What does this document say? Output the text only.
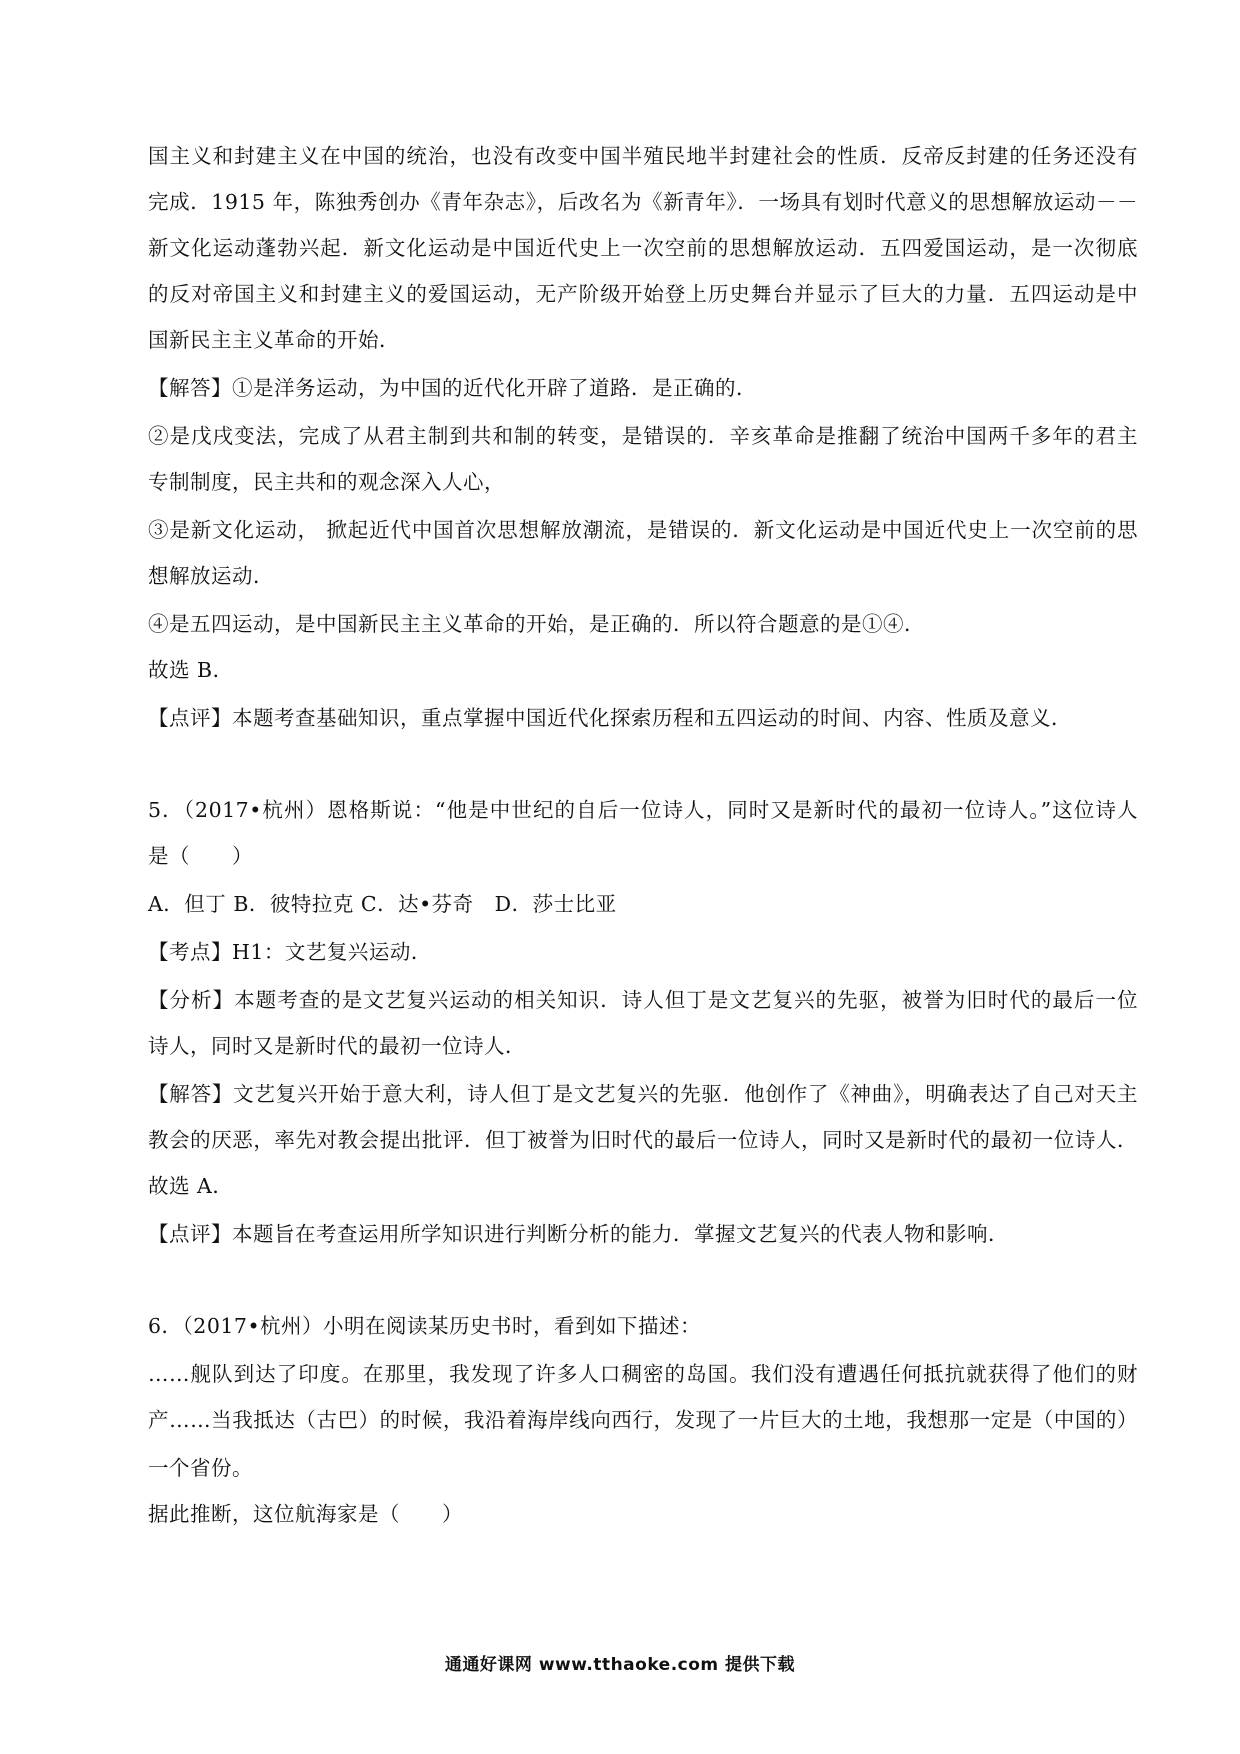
国主义和封建主义在中国的统治，也没有改变中国半殖民地半封建社会的性质．反帝反封建的任务还没有
完成．1915 年，陈独秀创办《青年杂志》，后改名为《新青年》．一场具有划时代意义的思想解放运动－－
新文化运动蓬勃兴起．新文化运动是中国近代史上一次空前的思想解放运动．五四爱国运动，是一次彻底
的反对帝国主义和封建主义的爱国运动，无产阶级开始登上历史舞台并显示了巨大的力量．五四运动是中
国新民主主义革命的开始．
【解答】①是洋务运动，为中国的近代化开辟了道路．是正确的．
②是戊戌变法，完成了从君主制到共和制的转变，是错误的．辛亥革命是推翻了统治中国两千多年的君主
专制制度，民主共和的观念深入人心，
③是新文化运动， 掀起近代中国首次思想解放潮流，是错误的．新文化运动是中国近代史上一次空前的思
想解放运动．
④是五四运动，是中国新民主主义革命的开始，是正确的．所以符合题意的是①④．
故选 B．
【点评】本题考查基础知识，重点掌握中国近代化探索历程和五四运动的时间、内容、性质及意义．
5．（2017•杭州）恩格斯说：“他是中世纪的自后一位诗人，同时又是新时代的最初一位诗人。”这位诗人
是（　　）
A．但丁 B．彼特拉克 C．达•芬奇　D．莎士比亚
【考点】H1：文艺复兴运动．
【分析】本题考查的是文艺复兴运动的相关知识．诗人但丁是文艺复兴的先驱，被誉为旧时代的最后一位
诗人，同时又是新时代的最初一位诗人．
【解答】文艺复兴开始于意大利，诗人但丁是文艺复兴的先驱．他创作了《神曲》，明确表达了自己对天主
教会的厌恶，率先对教会提出批评．但丁被誉为旧时代的最后一位诗人，同时又是新时代的最初一位诗人．
故选 A．
【点评】本题旨在考查运用所学知识进行判断分析的能力．掌握文艺复兴的代表人物和影响．
6．（2017•杭州）小明在阅读某历史书时，看到如下描述：
……舰队到达了印度。在那里，我发现了许多人口稠密的岛国。我们没有遭遇任何抵抗就获得了他们的财
产……当我抵达（古巴）的时候，我沿着海岸线向西行，发现了一片巨大的土地，我想那一定是（中国的）
一个省份。
据此推断，这位航海家是（　　）
通通好课网 www.tthaoke.com 提供下载
